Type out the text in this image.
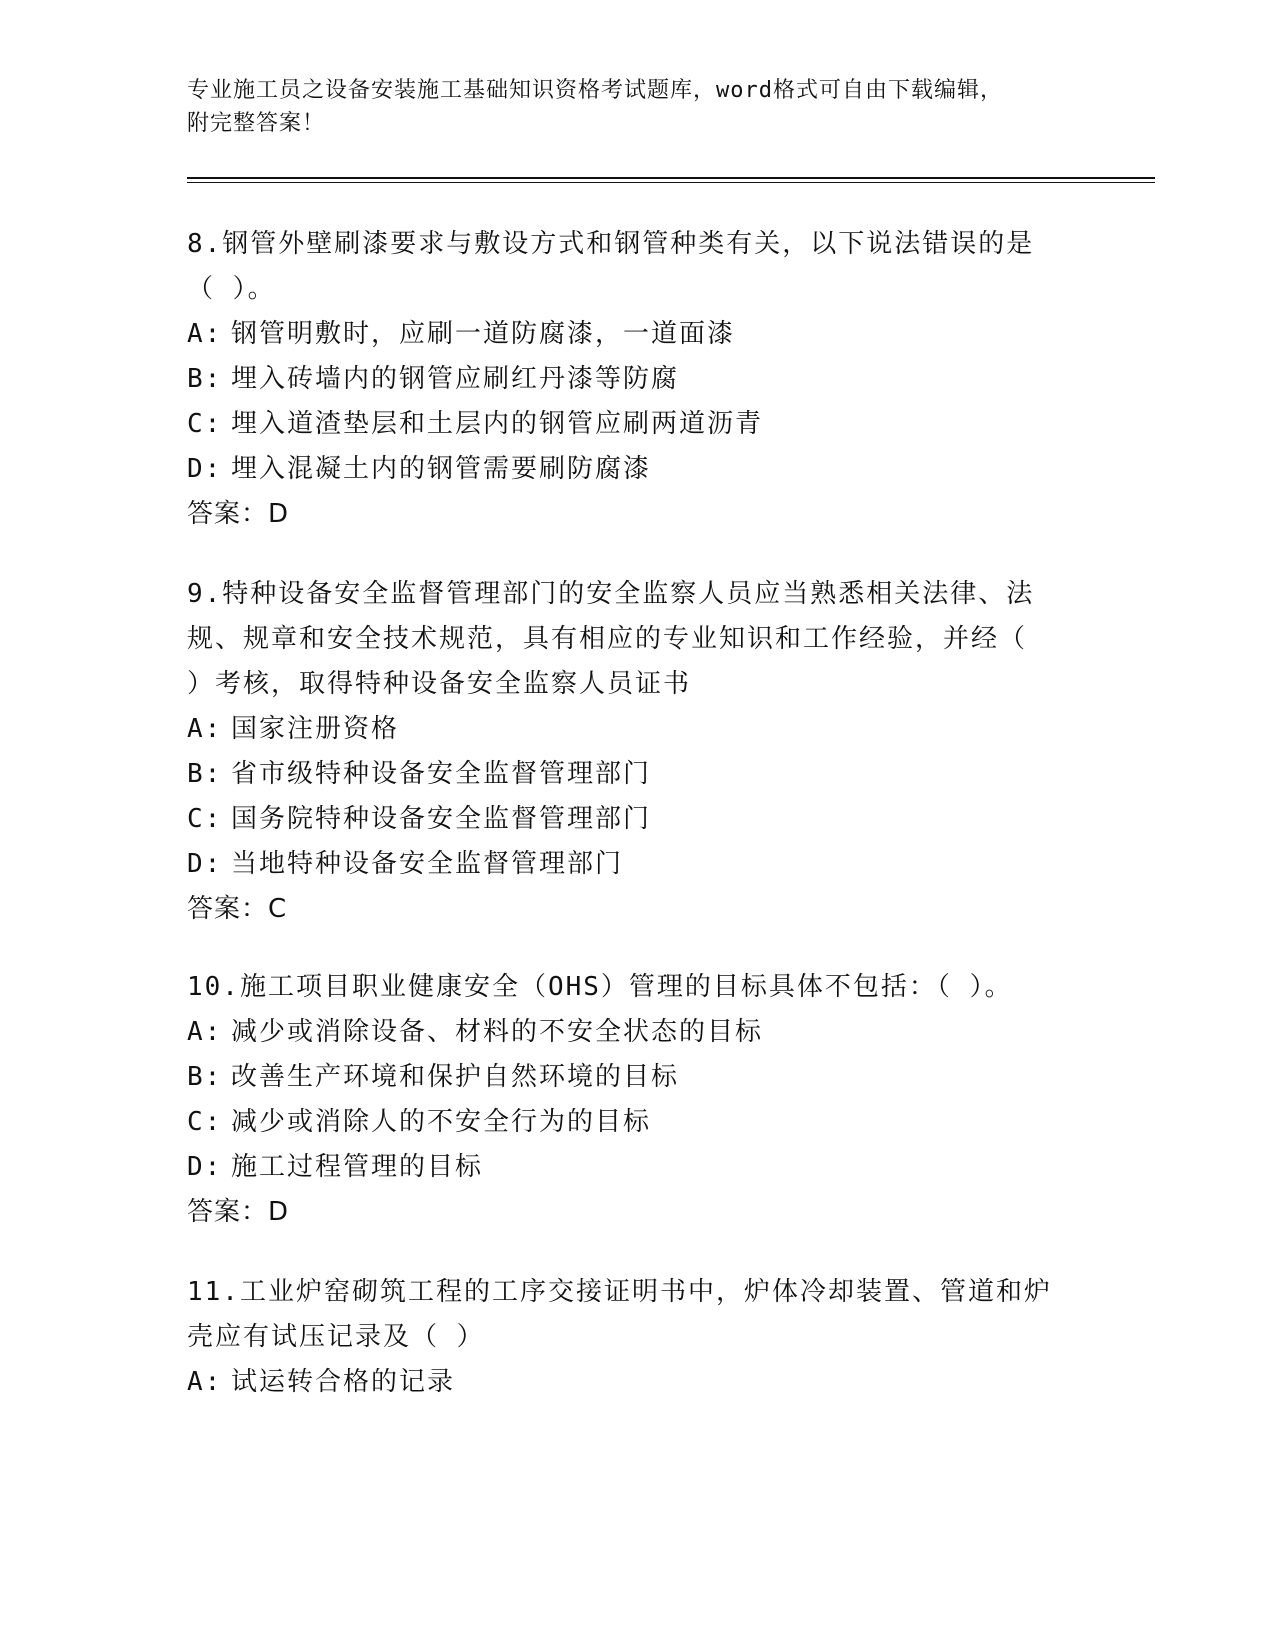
专业施工员之设备安装施工基础知识资格考试题库，word格式可自由下载编辑，
附完整答案！
8.钢管外壁刷漆要求与敷设方式和钢管种类有关，以下说法错误的是
（ ）。
A: 钢管明敷时，应刷一道防腐漆，一道面漆
B: 埋入砖墙内的钢管应刷红丹漆等防腐
C: 埋入道渣垫层和土层内的钢管应刷两道沥青
D: 埋入混凝土内的钢管需要刷防腐漆
答案：D
9.特种设备安全监督管理部门的安全监察人员应当熟悉相关法律、法
规、规章和安全技术规范，具有相应的专业知识和工作经验，并经（
）考核，取得特种设备安全监察人员证书
A: 国家注册资格
B: 省市级特种设备安全监督管理部门
C: 国务院特种设备安全监督管理部门
D: 当地特种设备安全监督管理部门
答案：C
10.施工项目职业健康安全（OHS）管理的目标具体不包括：（ ）。
A: 减少或消除设备、材料的不安全状态的目标
B: 改善生产环境和保护自然环境的目标
C: 减少或消除人的不安全行为的目标
D: 施工过程管理的目标
答案：D
11.工业炉窑砌筑工程的工序交接证明书中，炉体冷却装置、管道和炉
壳应有试压记录及（ ）
A: 试运转合格的记录
